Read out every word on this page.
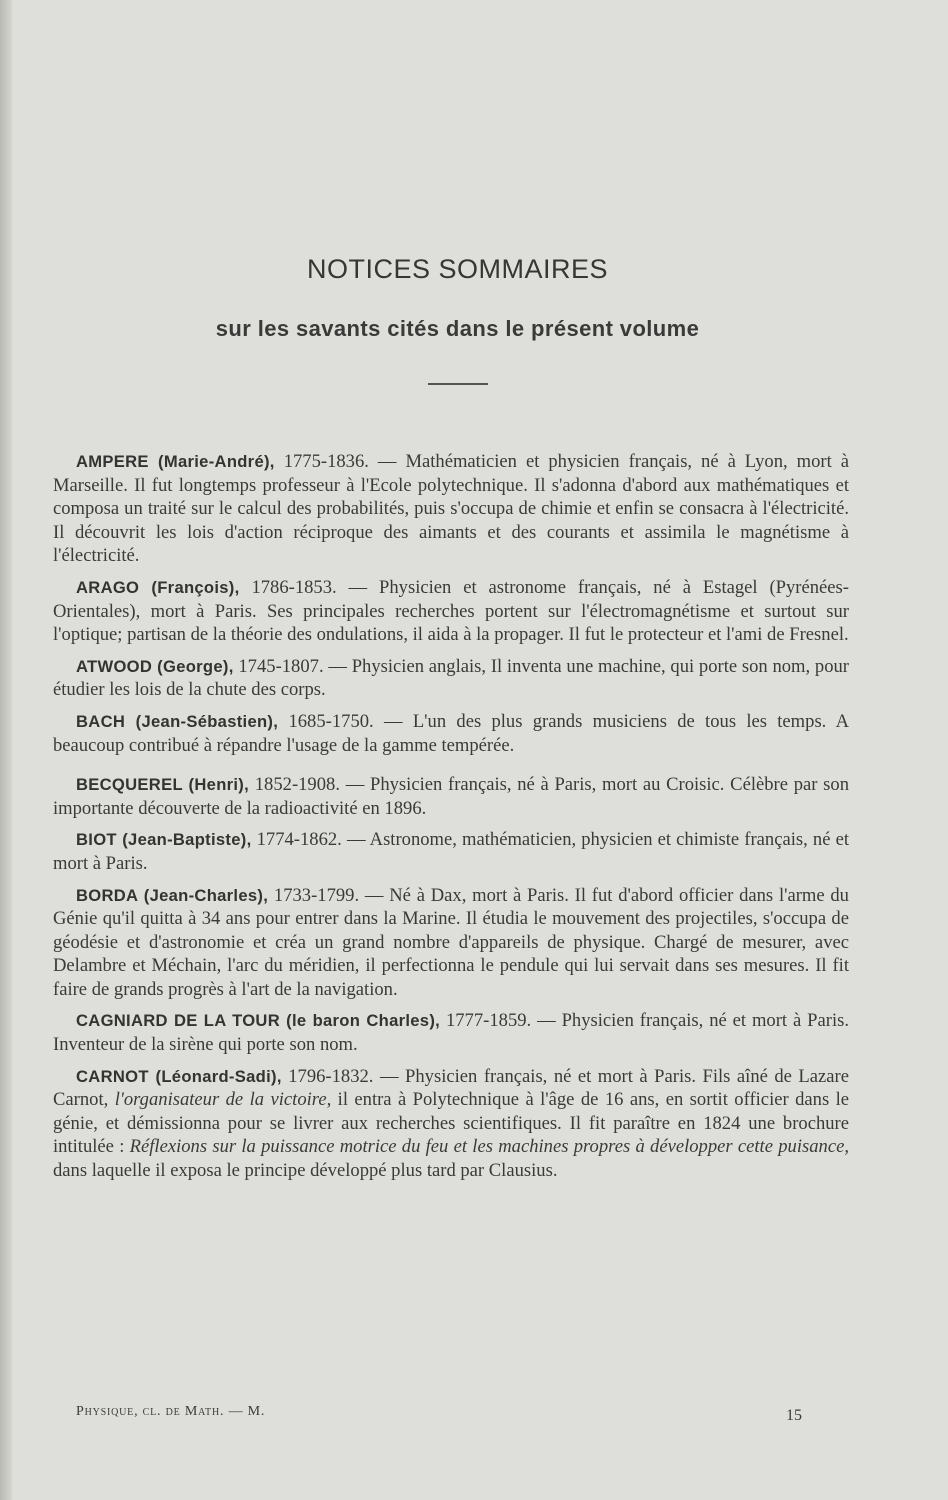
NOTICES SOMMAIRES
sur les savants cités dans le présent volume

AMPERE (Marie-André), 1775-1836. — Mathématicien et physicien français, né à Lyon, mort à Marseille. Il fut longtemps professeur à l'Ecole polytechnique. Il s'adonna d'abord aux mathématiques et composa un traité sur le calcul des probabilités, puis s'occupa de chimie et enfin se consacra à l'électricité. Il découvrit les lois d'action réciproque des aimants et des courants et assimila le magnétisme à l'électricité.

ARAGO (François), 1786-1853. — Physicien et astronome français, né à Estagel (Pyrénées-Orientales), mort à Paris. Ses principales recherches portent sur l'électromagnétisme et surtout sur l'optique; partisan de la théorie des ondulations, il aida à la propager. Il fut le protecteur et l'ami de Fresnel.

ATWOOD (George), 1745-1807. — Physicien anglais, Il inventa une machine, qui porte son nom, pour étudier les lois de la chute des corps.

BACH (Jean-Sébastien), 1685-1750. — L'un des plus grands musiciens de tous les temps. A beaucoup contribué à répandre l'usage de la gamme tempérée.

BECQUEREL (Henri), 1852-1908. — Physicien français, né à Paris, mort au Croisic. Célèbre par son importante découverte de la radioactivité en 1896.

BIOT (Jean-Baptiste), 1774-1862. — Astronome, mathématicien, physicien et chimiste français, né et mort à Paris.

BORDA (Jean-Charles), 1733-1799. — Né à Dax, mort à Paris. Il fut d'abord officier dans l'arme du Génie qu'il quitta à 34 ans pour entrer dans la Marine. Il étudia le mouvement des projectiles, s'occupa de géodésie et d'astronomie et créa un grand nombre d'appareils de physique. Chargé de mesurer, avec Delambre et Méchain, l'arc du méridien, il perfectionna le pendule qui lui servait dans ses mesures. Il fit faire de grands progrès à l'art de la navigation.

CAGNIARD DE LA TOUR (le baron Charles), 1777-1859. — Physicien français, né et mort à Paris. Inventeur de la sirène qui porte son nom.

CARNOT (Léonard-Sadi), 1796-1832. — Physicien français, né et mort à Paris. Fils aîné de Lazare Carnot, l'organisateur de la victoire, il entra à Polytechnique à l'âge de 16 ans, en sortit officier dans le génie, et démissionna pour se livrer aux recherches scientifiques. Il fit paraître en 1824 une brochure intitulée : Réflexions sur la puissance motrice du feu et les machines propres à développer cette puisance, dans laquelle il exposa le principe développé plus tard par Clausius.

Physique, cl. de Math. — M.	15
